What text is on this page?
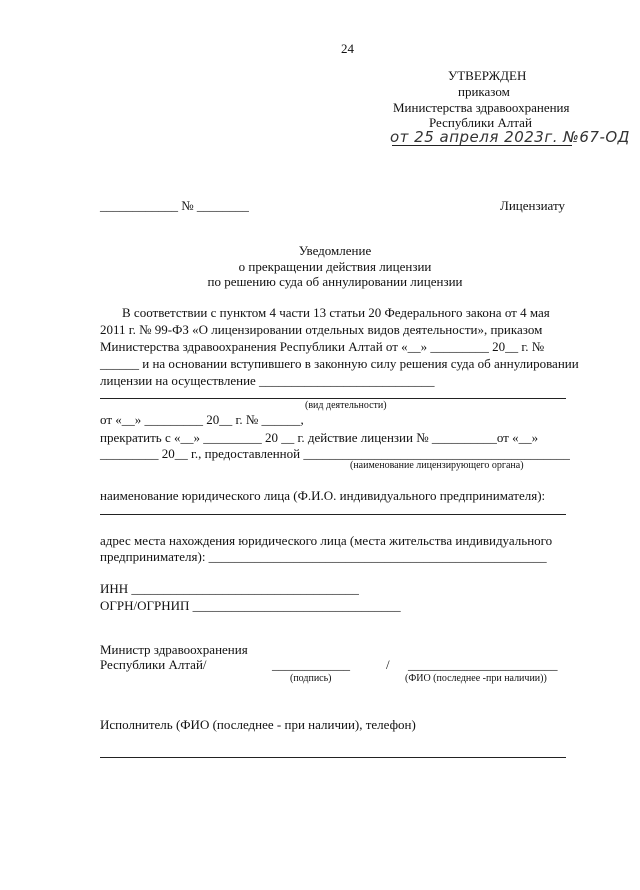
24
УТВЕРЖДЕН
приказом
Министерства здравоохранения
Республики Алтай
от 25 апреля 2023г. №67-ОД
____________ № ________	Лицензиату
Уведомление
о прекращении действия лицензии
по решению суда об аннулировании лицензии
В соответствии с пунктом 4 части 13 статьи 20 Федерального закона от 4 мая
2011 г. № 99-ФЗ «О лицензировании отдельных видов деятельности», приказом
Министерства здравоохранения Республики Алтай от «__» _________ 20__ г. №
______ и на основании вступившего в законную силу решения суда об аннулировании
лицензии на осуществление ___________________________
(вид деятельности)
от «__» _________ 20__ г. № ______,
прекратить с «__» _________ 20 __ г. действие лицензии № __________от «__»
_________ 20__ г., предоставленной _________________________________________
(наименование лицензирующего органа)
наименование юридического лица (Ф.И.О. индивидуального предпринимателя):
адрес места нахождения юридического лица (места жительства индивидуального
предпринимателя): ____________________________________________________
ИНН ___________________________________
ОГРН/ОГРНИП ________________________________
Министр здравоохранения
Республики Алтай/	____________	/ _______________________
(подпись)	(ФИО (последнее -при наличии))
Исполнитель (ФИО (последнее - при наличии), телефон)
